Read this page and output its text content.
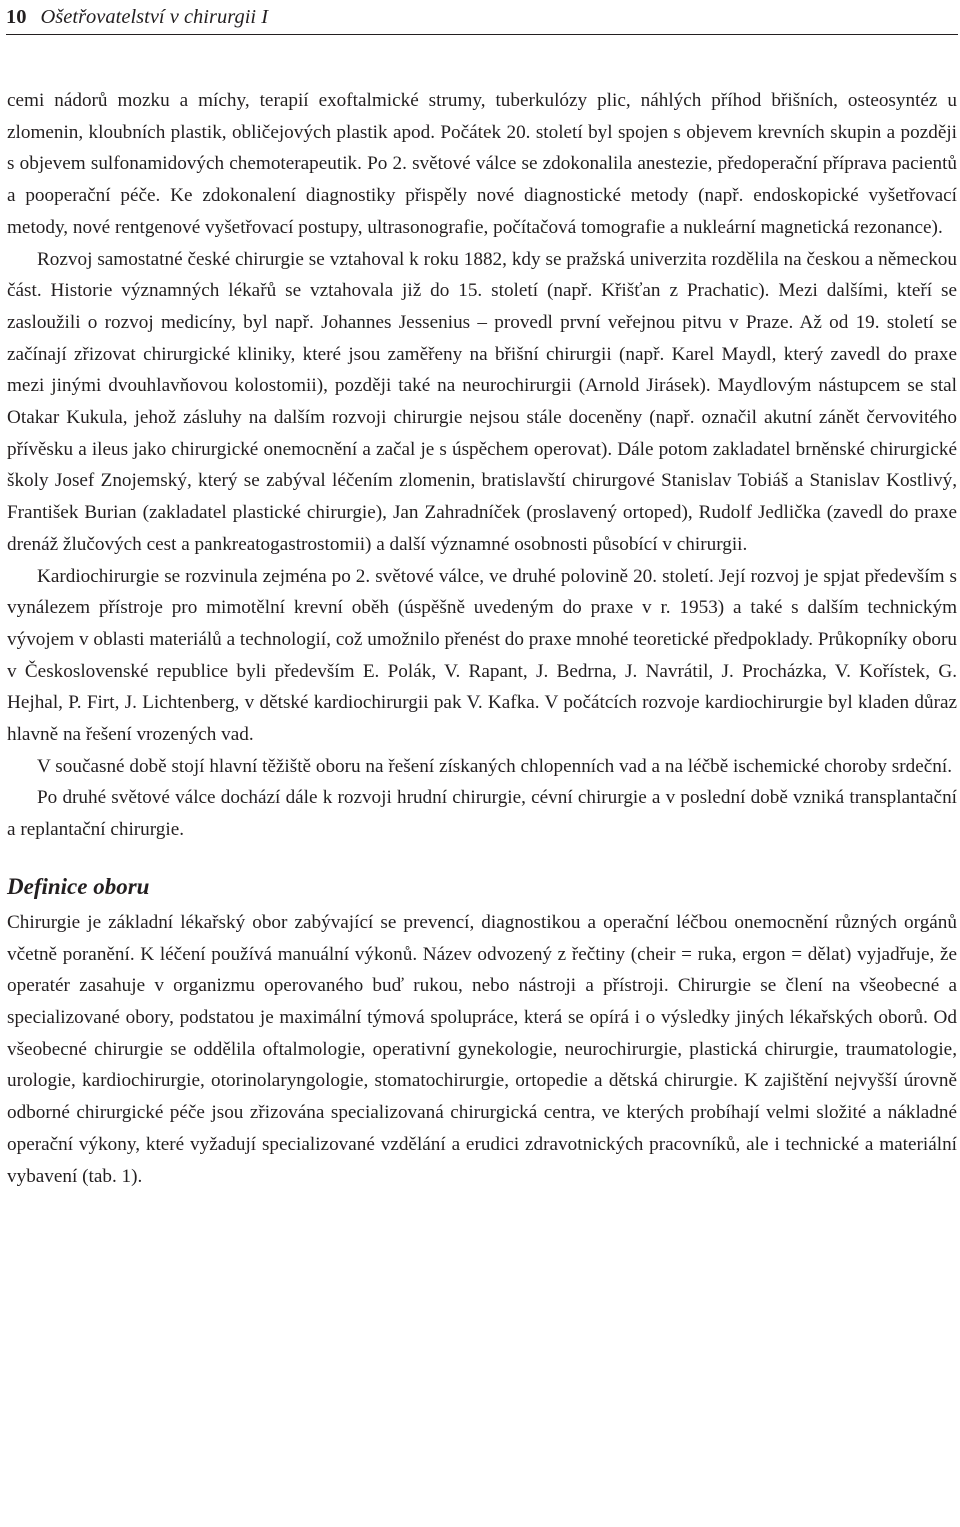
10 Ošetřovatelství v chirurgii I

cemi nádorů mozku a míchy, terapií exoftalmické strumy, tuberkulózy plic, náhlých příhod břišních, osteosyntéz u zlomenin, kloubních plastik, obličejových plastik apod. Počátek 20. století byl spojen s objevem krevních skupin a později s objevem sulfonamidových chemoterapeutik. Po 2. světové válce se zdokonalila anestezie, předoperační příprava pacientů a pooperační péče. Ke zdokonalení diagnostiky přispěly nové diagnostické metody (např. endoskopické vyšetřovací metody, nové rentgenové vyšetřovací postupy, ultrasonografie, počítačová tomografie a nukleární magnetická rezonance).

Rozvoj samostatné české chirurgie se vztahoval k roku 1882, kdy se pražská univerzita rozdělila na českou a německou část. Historie významných lékařů se vztahovala již do 15. století (např. Křišťan z Prachatic). Mezi dalšími, kteří se zasloužili o rozvoj medicíny, byl např. Johannes Jessenius – provedl první veřejnou pitvu v Praze. Až od 19. století se začínají zřizovat chirurgické kliniky, které jsou zaměřeny na břišní chirurgii (např. Karel Maydl, který zavedl do praxe mezi jinými dvouhlavňovou kolostomii), později také na neurochirurgii (Arnold Jirásek). Maydlovým nástupcem se stal Otakar Kukula, jehož zásluhy na dalším rozvoji chirurgie nejsou stále doceněny (např. označil akutní zánět červovitého přívěsku a ileus jako chirurgické onemocnění a začal je s úspěchem operovat). Dále potom zakladatel brněnské chirurgické školy Josef Znojemský, který se zabýval léčením zlomenin, bratislavští chirurgové Stanislav Tobiáš a Stanislav Kostlivý, František Burian (zakladatel plastické chirurgie), Jan Zahradníček (proslavený ortoped), Rudolf Jedlička (zavedl do praxe drenáž žlučových cest a pankreatogastrostomii) a další významné osobnosti působící v chirurgii.

Kardiochirurgie se rozvinula zejména po 2. světové válce, ve druhé polovině 20. století. Její rozvoj je spjat především s vynálezem přístroje pro mimotělní krevní oběh (úspěšně uvedeným do praxe v r. 1953) a také s dalším technickým vývojem v oblasti materiálů a technologií, což umožnilo přenést do praxe mnohé teoretické předpoklady. Průkopníky oboru v Československé republice byli především E. Polák, V. Rapant, J. Bedrna, J. Navrátil, J. Procházka, V. Kořístek, G. Hejhal, P. Firt, J. Lichtenberg, v dětské kardiochirurgii pak V. Kafka. V počátcích rozvoje kardiochirurgie byl kladen důraz hlavně na řešení vrozených vad.

V současné době stojí hlavní těžiště oboru na řešení získaných chlopenních vad a na léčbě ischemické choroby srdeční.

Po druhé světové válce dochází dále k rozvoji hrudní chirurgie, cévní chirurgie a v poslední době vzniká transplantační a replantační chirurgie.

Definice oboru

Chirurgie je základní lékařský obor zabývající se prevencí, diagnostikou a operační léčbou onemocnění různých orgánů včetně poranění. K léčení používá manuální výkonů. Název odvozený z řečtiny (cheir = ruka, ergon = dělat) vyjadřuje, že operatér zasahuje v organizmu operovaného buď rukou, nebo nástroji a přístroji. Chirurgie se člení na všeobecné a specializované obory, podstatou je maximální týmová spolupráce, která se opírá i o výsledky jiných lékařských oborů. Od všeobecné chirurgie se oddělila oftalmologie, operativní gynekologie, neurochirurgie, plastická chirurgie, traumatologie, urologie, kardiochirurgie, otorinolaryngologie, stomatochirurgie, ortopedie a dětská chirurgie. K zajištění nejvyšší úrovně odborné chirurgické péče jsou zřizována specializovaná chirurgická centra, ve kterých probíhají velmi složité a nákladné operační výkony, které vyžadují specializované vzdělání a erudici zdravotnických pracovníků, ale i technické a materiální vybavení (tab. 1).
